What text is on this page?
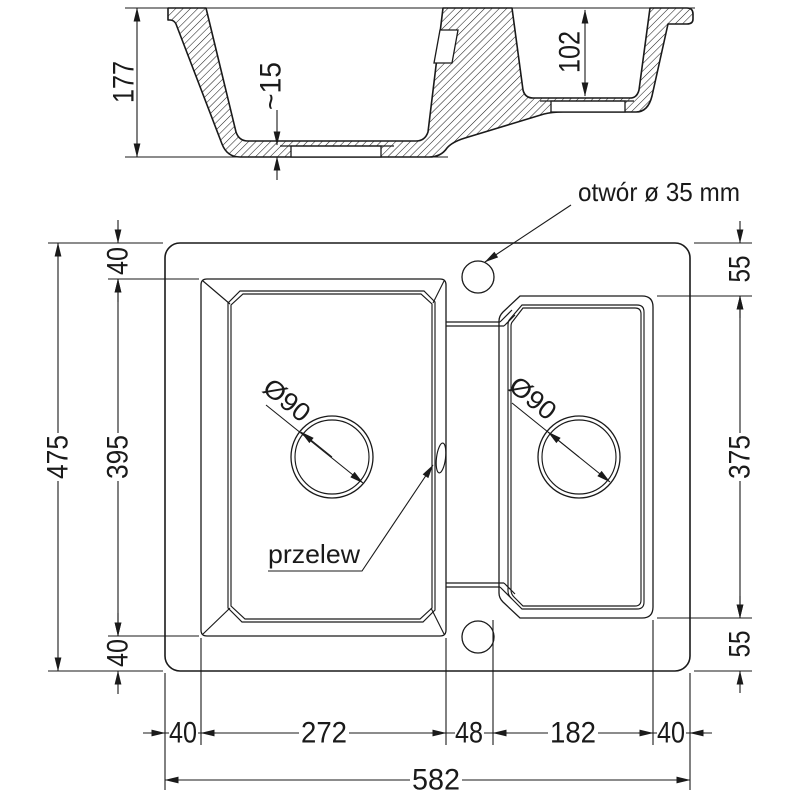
177
102
~15
Ø90	Ø90
otwór ø 35 mm
przelew
475 395
40
40
55
375
55
40	272	48 182 40
582
